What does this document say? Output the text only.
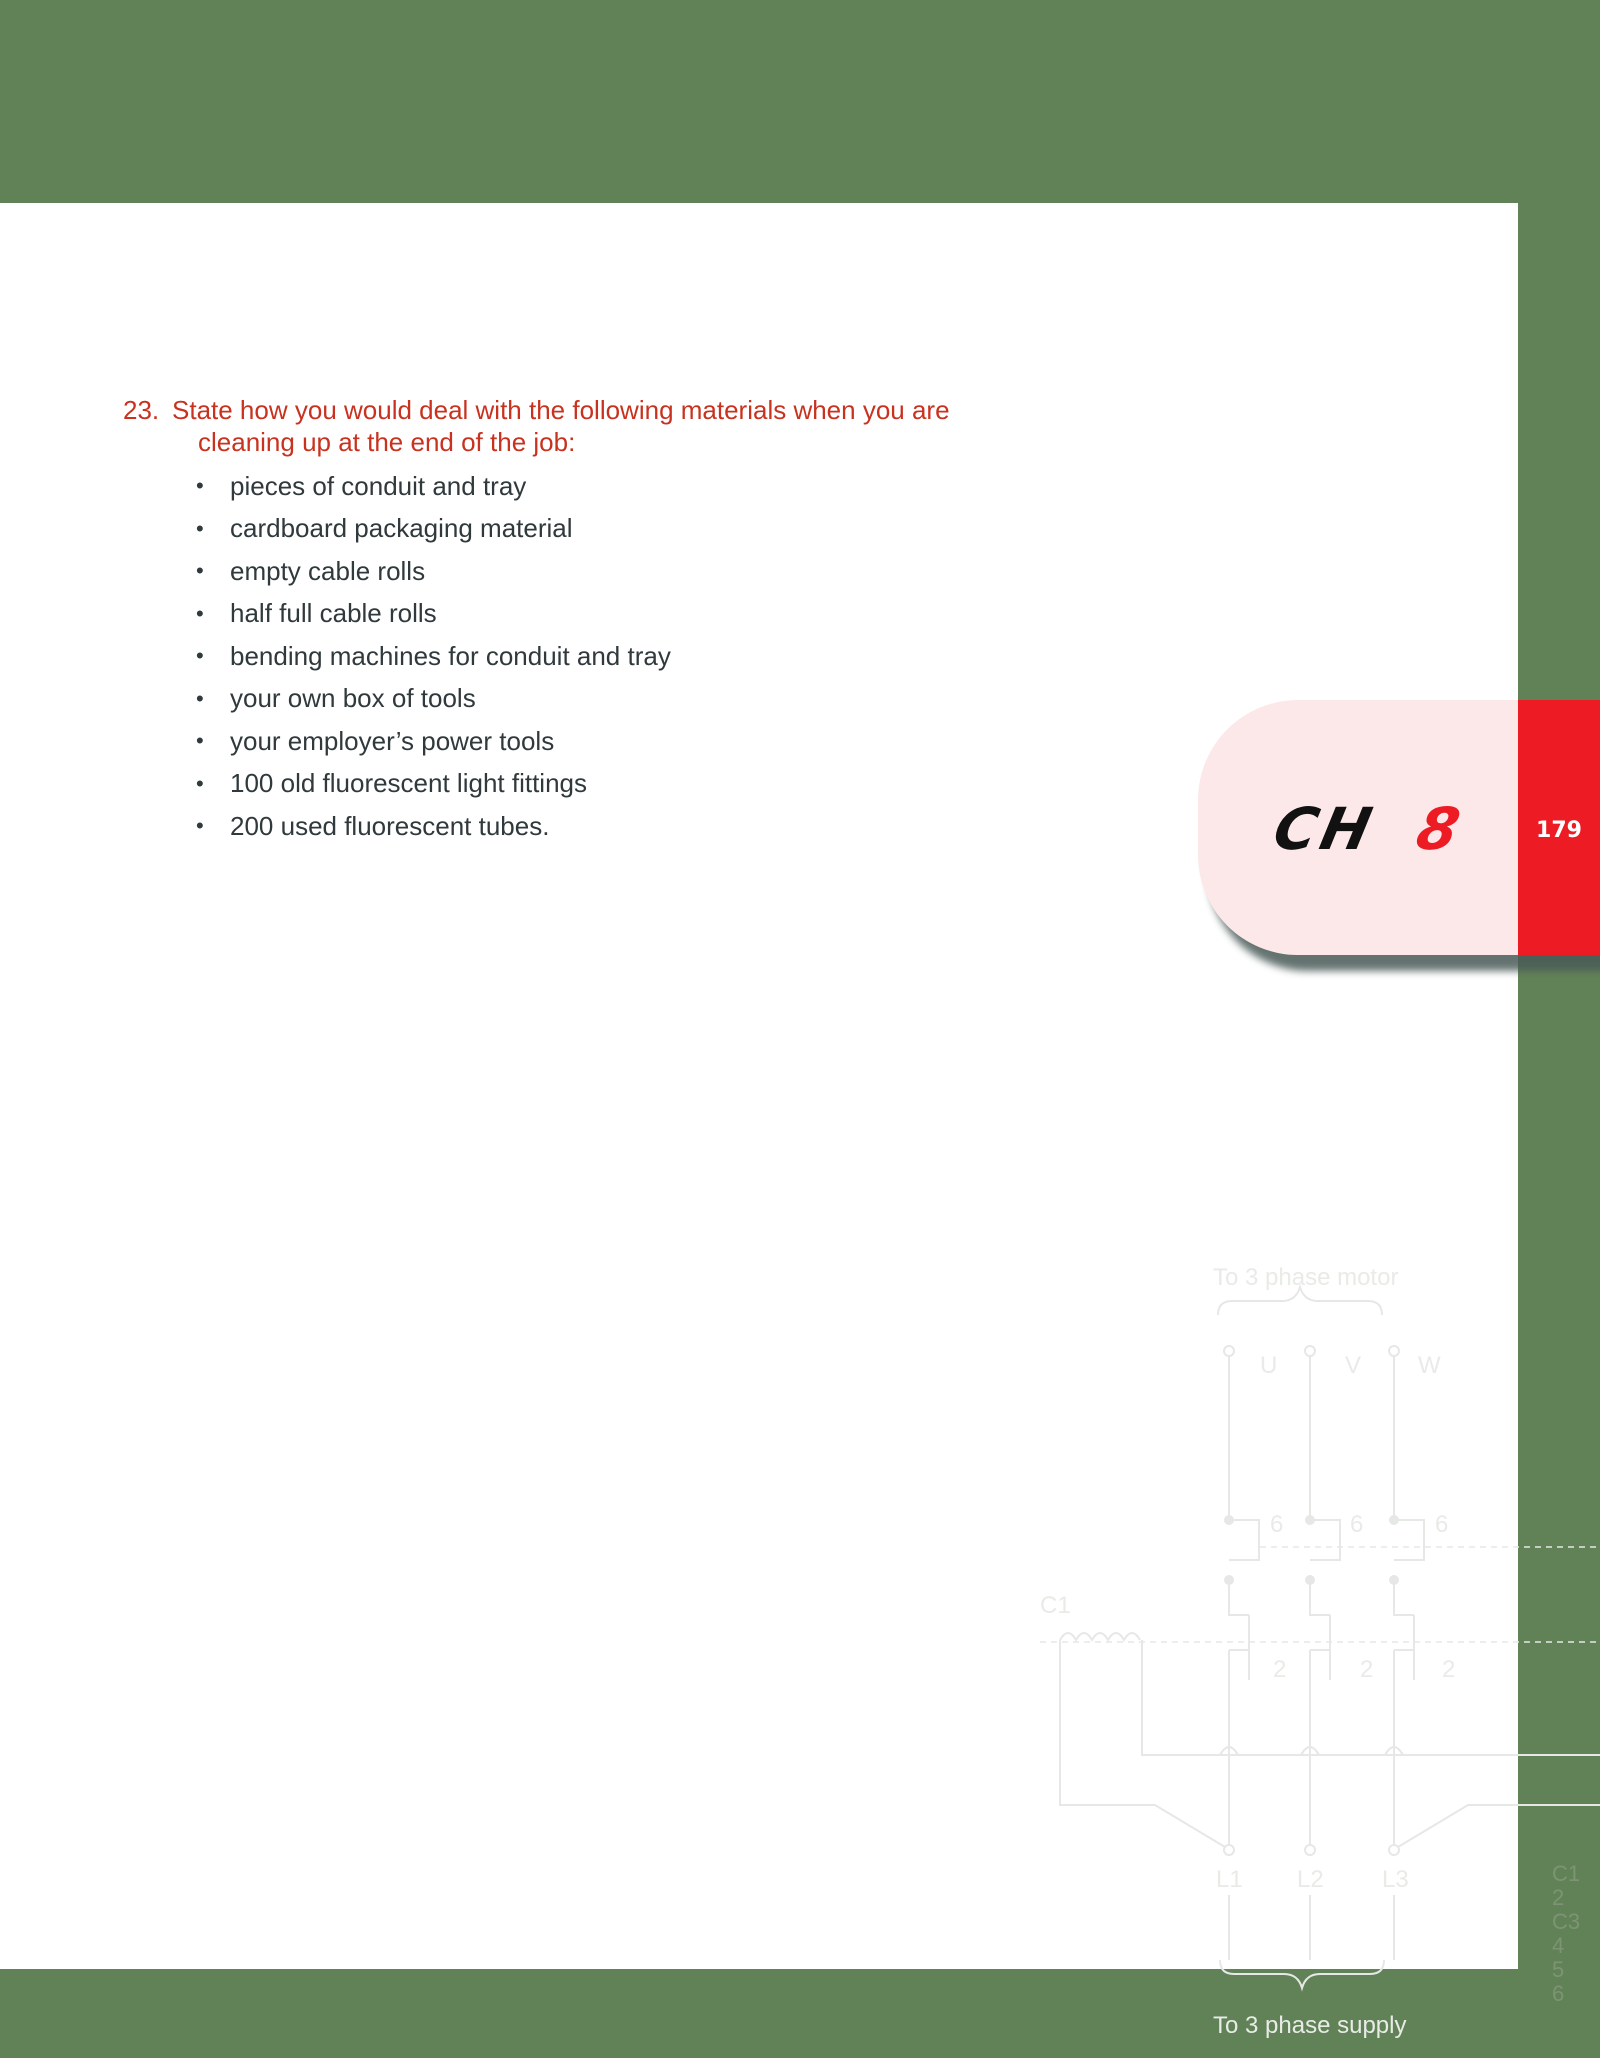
23. State how you would deal with the following materials when you are
cleaning up at the end of the job:
•	pieces of conduit and tray
•	cardboard packaging material
•	empty cable rolls
•	half full cable rolls
•	bending machines for conduit and tray
•	your own box of tools
•	your employer’s power tools
•	100 old fluorescent light fittings
•	200 used fluorescent tubes.	CH 8	179
To 3 phase motor
U	V W
6	6	6
C1
2	2	2
L1 L2 L3
To 3 phase supply
C1
2
C3
4
5
6
